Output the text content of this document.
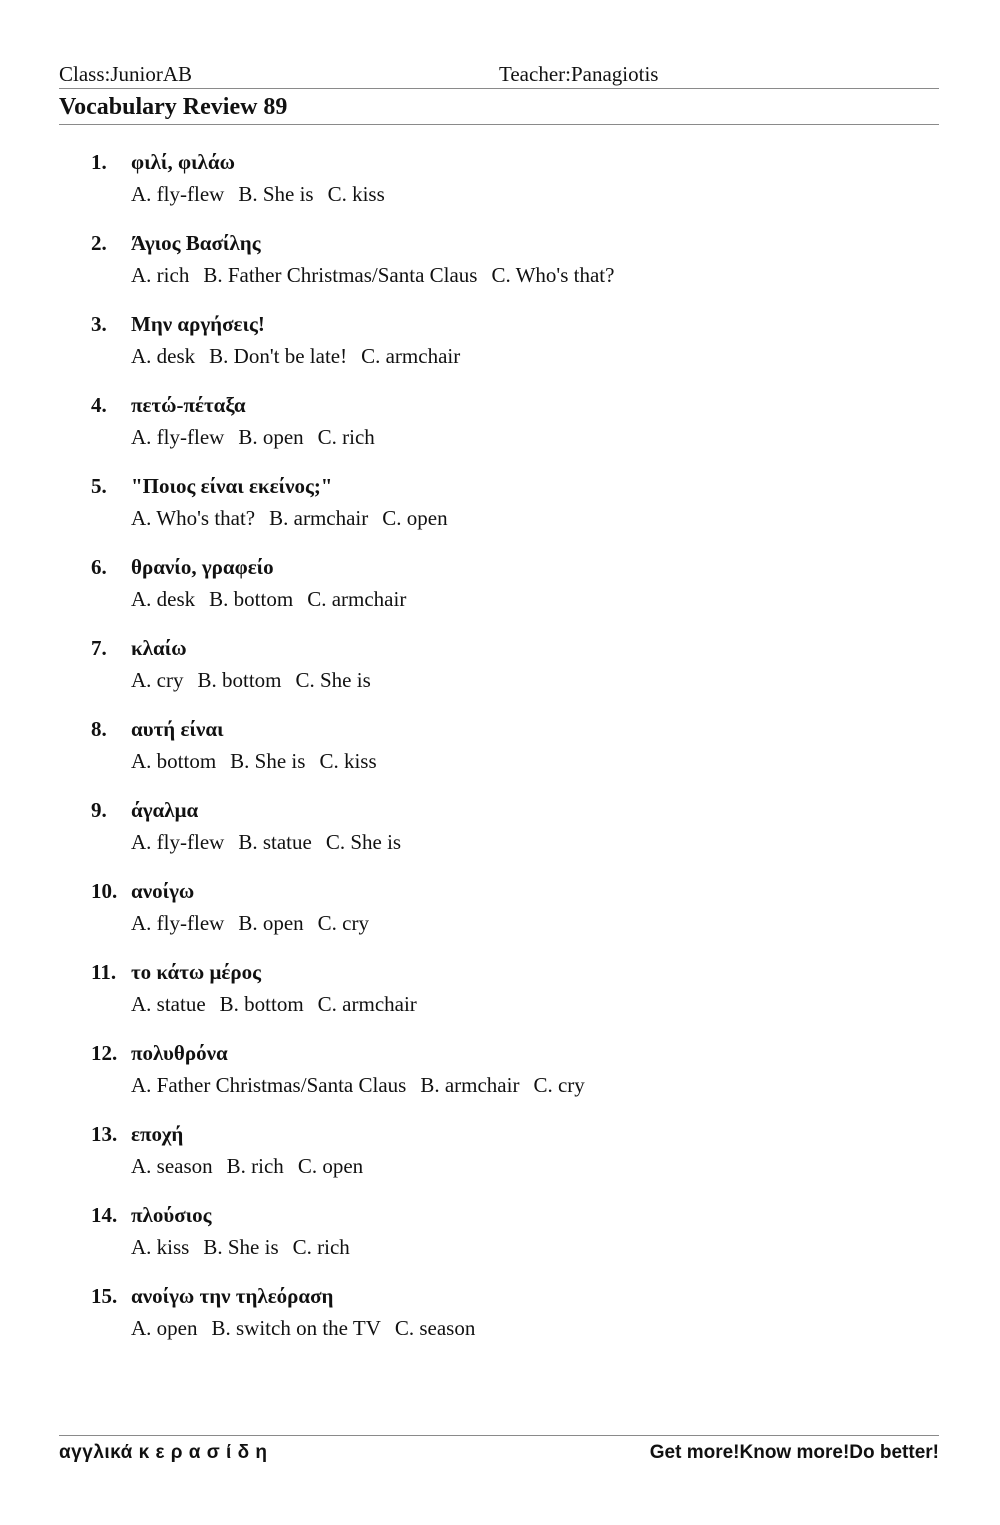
Class:JuniorAB	Teacher:Panagiotis
Vocabulary Review 89
1. φιλί, φιλάω
A. fly-flew B. She is C. kiss
2. Άγιος Βασίλης
A. rich B. Father Christmas/Santa Claus C. Who's that?
3. Μην αργήσεις!
A. desk B. Don't be late! C. armchair
4. πετώ-πέταξα
A. fly-flew B. open C. rich
5. "Ποιος είναι εκείνος;"
A. Who's that? B. armchair C. open
6. θρανίο, γραφείο
A. desk B. bottom C. armchair
7. κλαίω
A. cry B. bottom C. She is
8. αυτή είναι
A. bottom B. She is C. kiss
9. άγαλμα
A. fly-flew B. statue C. She is
10. ανοίγω
A. fly-flew B. open C. cry
11. το κάτω μέρος
A. statue B. bottom C. armchair
12. πολυθρόνα
A. Father Christmas/Santa Claus B. armchair C. cry
13. εποχή
A. season B. rich C. open
14. πλούσιος
A. kiss B. She is C. rich
15. ανοίγω την τηλεόραση
A. open B. switch on the TV C. season
αγγλικά κ ε ρ α σ ί δ η	Get more!Know more!Do better!
